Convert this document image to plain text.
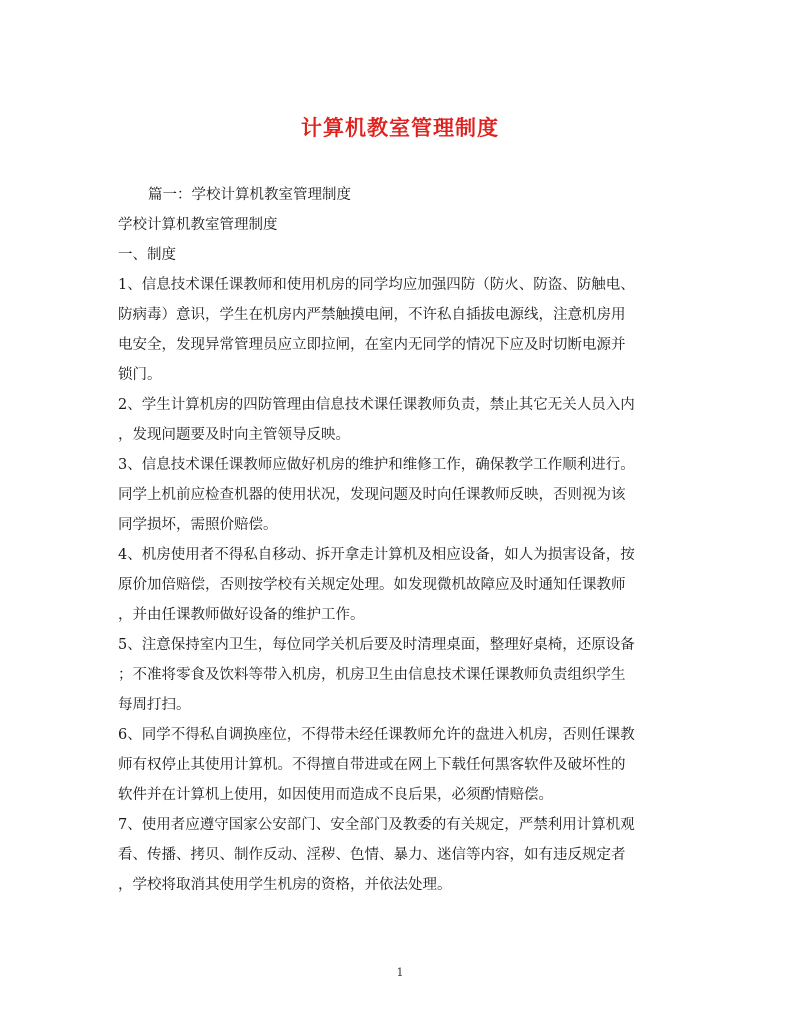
计算机教室管理制度
篇一：学校计算机教室管理制度
学校计算机教室管理制度
一、制度
1、信息技术课任课教师和使用机房的同学均应加强四防（防火、防盗、防触电、
防病毒）意识，学生在机房内严禁触摸电闸，不许私自插拔电源线，注意机房用
电安全，发现异常管理员应立即拉闸，在室内无同学的情况下应及时切断电源并
锁门。
2、学生计算机房的四防管理由信息技术课任课教师负责，禁止其它无关人员入内
，发现问题要及时向主管领导反映。
3、信息技术课任课教师应做好机房的维护和维修工作，确保教学工作顺利进行。
同学上机前应检查机器的使用状况，发现问题及时向任课教师反映，否则视为该
同学损坏，需照价赔偿。
4、机房使用者不得私自移动、拆开拿走计算机及相应设备，如人为损害设备，按
原价加倍赔偿，否则按学校有关规定处理。如发现微机故障应及时通知任课教师
，并由任课教师做好设备的维护工作。
5、注意保持室内卫生，每位同学关机后要及时清理桌面，整理好桌椅，还原设备
；不准将零食及饮料等带入机房，机房卫生由信息技术课任课教师负责组织学生
每周打扫。
6、同学不得私自调换座位，不得带未经任课教师允许的盘进入机房，否则任课教
师有权停止其使用计算机。不得擅自带进或在网上下载任何黑客软件及破坏性的
软件并在计算机上使用，如因使用而造成不良后果，必须酌情赔偿。
7、使用者应遵守国家公安部门、安全部门及教委的有关规定，严禁利用计算机观
看、传播、拷贝、制作反动、淫秽、色情、暴力、迷信等内容，如有违反规定者
，学校将取消其使用学生机房的资格，并依法处理。
1
